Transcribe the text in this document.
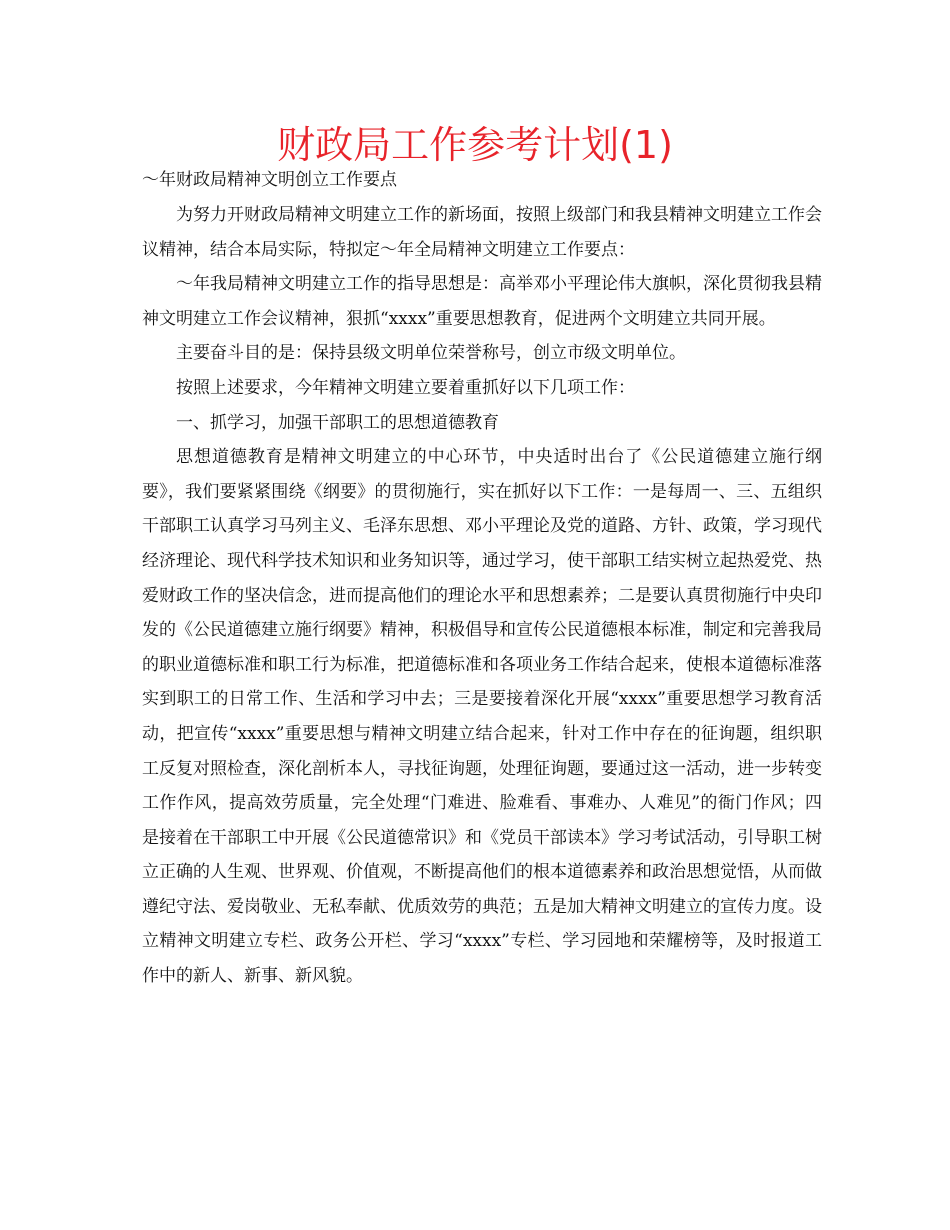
财政局工作参考计划(1)

～年财政局精神文明创立工作要点

为努力开财政局精神文明建立工作的新场面，按照上级部门和我县精神文明建立工作会议精神，结合本局实际，特拟定～年全局精神文明建立工作要点：

～年我局精神文明建立工作的指导思想是：高举邓小平理论伟大旗帜，深化贯彻我县精神文明建立工作会议精神，狠抓“xxxx”重要思想教育，促进两个文明建立共同开展。

主要奋斗目的是：保持县级文明单位荣誉称号，创立市级文明单位。

按照上述要求，今年精神文明建立要着重抓好以下几项工作：

一、抓学习，加强干部职工的思想道德教育

思想道德教育是精神文明建立的中心环节，中央适时出台了《公民道德建立施行纲要》，我们要紧紧围绕《纲要》的贯彻施行，实在抓好以下工作：一是每周一、三、五组织干部职工认真学习马列主义、毛泽东思想、邓小平理论及党的道路、方针、政策，学习现代经济理论、现代科学技术知识和业务知识等，通过学习，使干部职工结实树立起热爱党、热爱财政工作的坚决信念，进而提高他们的理论水平和思想素养；二是要认真贯彻施行中央印发的《公民道德建立施行纲要》精神，积极倡导和宣传公民道德根本标准，制定和完善我局的职业道德标准和职工行为标准，把道德标准和各项业务工作结合起来，使根本道德标准落实到职工的日常工作、生活和学习中去；三是要接着深化开展“xxxx”重要思想学习教育活动，把宣传“xxxx”重要思想与精神文明建立结合起来，针对工作中存在的征询题，组织职工反复对照检查，深化剖析本人，寻找征询题，处理征询题，要通过这一活动，进一步转变工作作风，提高效劳质量，完全处理“门难进、脸难看、事难办、人难见”的衙门作风；四是接着在干部职工中开展《公民道德常识》和《党员干部读本》学习考试活动，引导职工树立正确的人生观、世界观、价值观，不断提高他们的根本道德素养和政治思想觉悟，从而做遵纪守法、爱岗敬业、无私奉献、优质效劳的典范；五是加大精神文明建立的宣传力度。设立精神文明建立专栏、政务公开栏、学习“xxxx”专栏、学习园地和荣耀榜等，及时报道工作中的新人、新事、新风貌。
